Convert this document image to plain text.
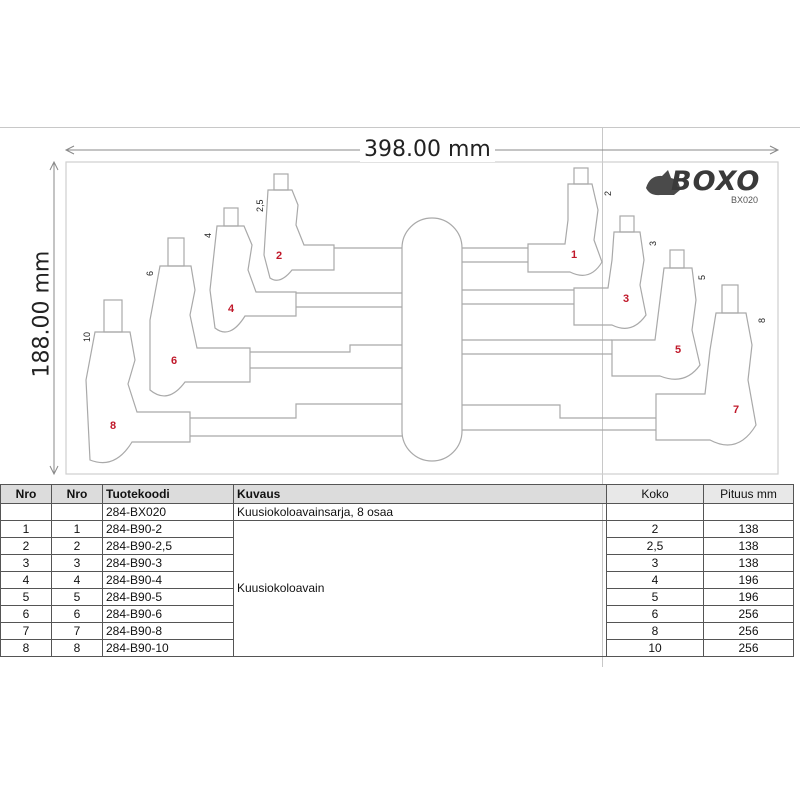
BOXO
BX020
398.00 mm
188.00 mm	1
2
3
4
5
6
7
8
2
2,5
3
4
5
6
8
10
Nro	Nro	Tuotekoodi	Kuvaus	Koko	Pituus mm
		284-BX020	Kuusiokoloavainsarja, 8 osaa		
1	1	284-B90-2	Kuusiokoloavain	2	138
2	2	284-B90-2,5		2,5	138
3	3	284-B90-3		3	138
4	4	284-B90-4		4	196
5	5	284-B90-5		5	196
6	6	284-B90-6		6	256
7	7	284-B90-8		8	256
8	8	284-B90-10		10	256
